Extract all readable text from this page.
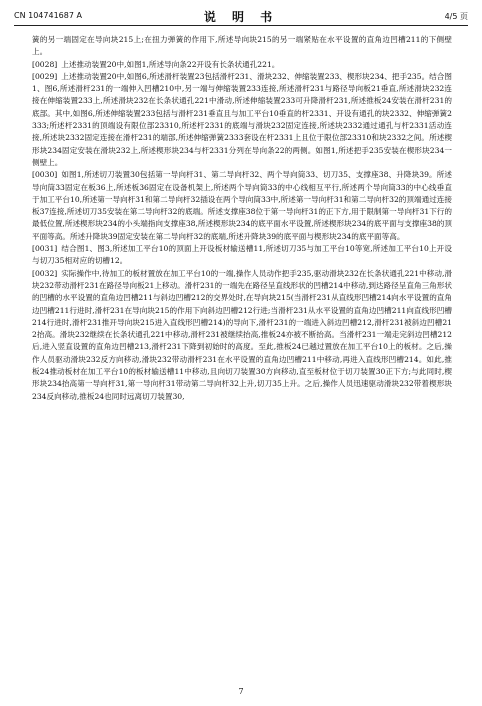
CN 104741687 A	说 明 书	4/5 页

簧的另一端固定在导向块215上;在扭力弹簧的作用下,所述导向块215的另一端紧贴在水平设置的直角边凹槽211的下侧壁上。

[0028] 上述推动装置20中,如图1,所述导向条22开设有长条状通孔221。

[0029] 上述推动装置20中,如图6,所述滑杆装置23包括滑杆231、滑块232、伸缩装置233、楔形块234、把手235。结合图1、图6,所述滑杆231的一端伸入凹槽210中,另一端与伸缩装置233连接,所述滑杆231与路径导向板21垂直,所述滑块232连接在伸缩装置233上,所述滑块232在长条状通孔221中滑动,所述伸缩装置233可升降滑杆231,所述推板24安装在滑杆231的底部。其中,如图6,所述伸缩装置233包括与滑杆231垂直且与加工平台10垂直的杆2331、开设有通孔的块2332、伸缩弹簧2333;所述杆2331的顶端设有限位部23310,所述杆2331的底端与滑块232固定连接,所述块2332通过通孔与杆2331活动连接,所述块2332固定连接在滑杆231的端部,所述伸缩弹簧2333套设在杆2331上且位于限位部23310和块2332之间。所述楔形块234固定安装在滑块232上,所述楔形块234与杆2331分列在导向条22的两侧。如图1,所述把手235安装在楔形块234一侧壁上。

[0030] 如图1,所述切刀装置30包括第一导向杆31、第二导向杆32、两个导向筒33、切刀35、支撑座38、升降块39。所述导向筒33固定在板36上,所述板36固定在设备机架上,所述两个导向筒33的中心线相互平行,所述两个导向筒33的中心线垂直于加工平台10,所述第一导向杆31和第二导向杆32插设在两个导向筒33中,所述第一导向杆31和第二导向杆32的顶端通过连接板37连接,所述切刀35安装在第二导向杆32的底端。所述支撑座38位于第一导向杆31的正下方,用于限制第一导向杆31下行的最低位置,所述楔形块234的小头端指向支撑座38,所述楔形块234的底平面水平设置,所述楔形块234的底平面与支撑座38的顶平面等高。所述升降块39固定安装在第二导向杆32的底端,所述升降块39的底平面与楔形块234的底平面等高。

[0031] 结合图1、图3,所述加工平台10的顶面上开设板材输送槽11,所述切刀35与加工平台10等宽,所述加工平台10上开设与切刀35相对应的切槽12。

[0032] 实际操作中,待加工的板材置放在加工平台10的一端,操作人员动作把手235,驱动滑块232在长条状通孔221中移动,滑块232带动滑杆231在路径导向板21上移动。滑杆231的一端先在路径呈直线形状的凹槽214中移动,到达路径呈直角三角形状的凹槽的水平设置的直角边凹槽211与斜边凹槽212的交界处时,在导向块215(当滑杆231从直线形凹槽214向水平设置的直角边凹槽211行进时,滑杆231在导向块215的作用下向斜边凹槽212行进;当滑杆231从水平设置的直角边凹槽211向直线形凹槽214行进时,滑杆231推开导向块215进入直线形凹槽214)的导向下,滑杆231的一端进入斜边凹槽212,滑杆231被斜边凹槽212抬高。滑块232继续在长条状通孔221中移动,滑杆231被继续抬高,推板24亦被不断抬高。当滑杆231一端走完斜边凹槽212后,进入竖直设置的直角边凹槽213,滑杆231下降到初始时的高度。至此,推板24已越过置放在加工平台10上的板材。之后,操作人员驱动滑块232反方向移动,滑块232带动滑杆231在水平设置的直角边凹槽211中移动,再进入直线形凹槽214。如此,推板24推动板材在加工平台10的板材输送槽11中移动,且向切刀装置30方向移动,直至板材位于切刀装置30正下方;与此同时,楔形块234抬高第一导向杆31,第一导向杆31带动第二导向杆32上升,切刀35上升。之后,操作人员迅速驱动滑块232带着楔形块234反向移动,推板24也同时远离切刀装置30,

7
